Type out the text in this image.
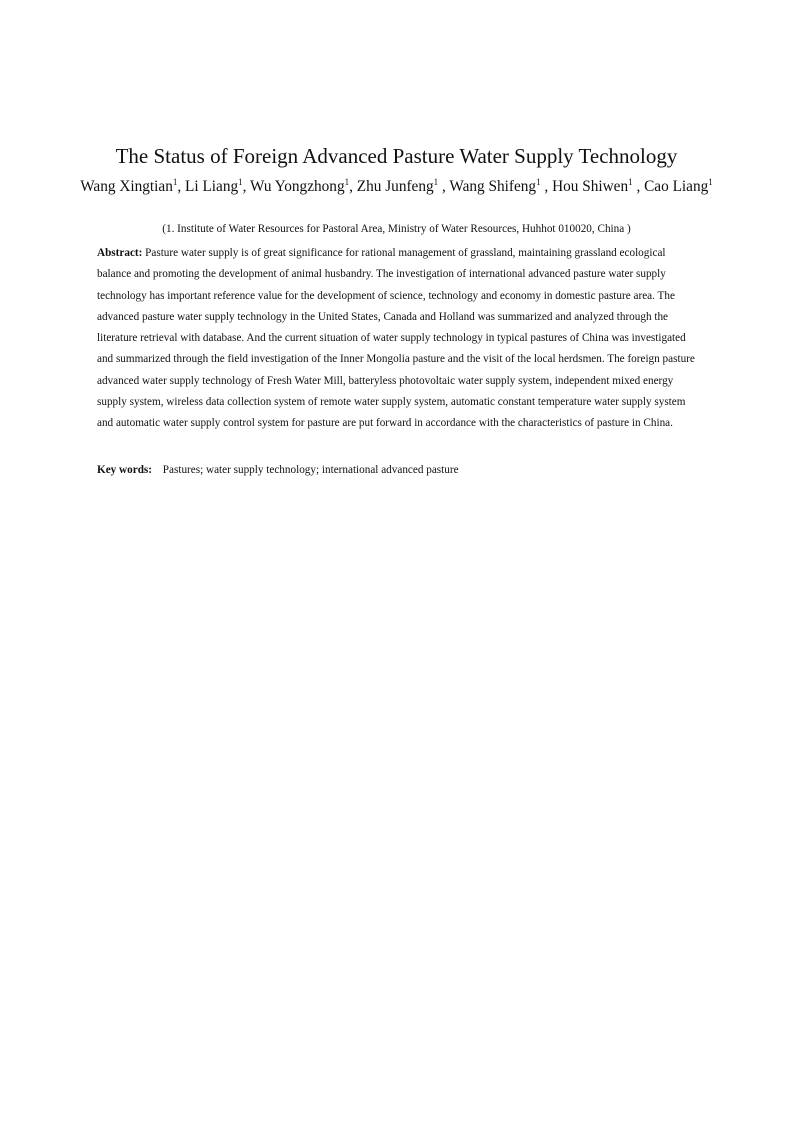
The Status of Foreign Advanced Pasture Water Supply Technology
Wang Xingtian$^1$, Li Liang$^1$, Wu Yongzhong$^1$, Zhu Junfeng$^1$ , Wang Shifeng$^1$ , Hou Shiwen$^1$ , Cao Liang$^1$
(1. Institute of Water Resources for Pastoral Area, Ministry of Water Resources, Huhhot 010020, China )
Abstract: Pasture water supply is of great significance for rational management of grassland, maintaining grassland ecological balance and promoting the development of animal husbandry. The investigation of international advanced pasture water supply technology has important reference value for the development of science, technology and economy in domestic pasture area. The advanced pasture water supply technology in the United States, Canada and Holland was summarized and analyzed through the literature retrieval with database. And the current situation of water supply technology in typical pastures of China was investigated and summarized through the field investigation of the Inner Mongolia pasture and the visit of the local herdsmen. The foreign pasture advanced water supply technology of Fresh Water Mill, batteryless photovoltaic water supply system, independent mixed energy supply system, wireless data collection system of remote water supply system, automatic constant temperature water supply system and automatic water supply control system for pasture are put forward in accordance with the characteristics of pasture in China.
Key words: Pastures; water supply technology; international advanced pasture
